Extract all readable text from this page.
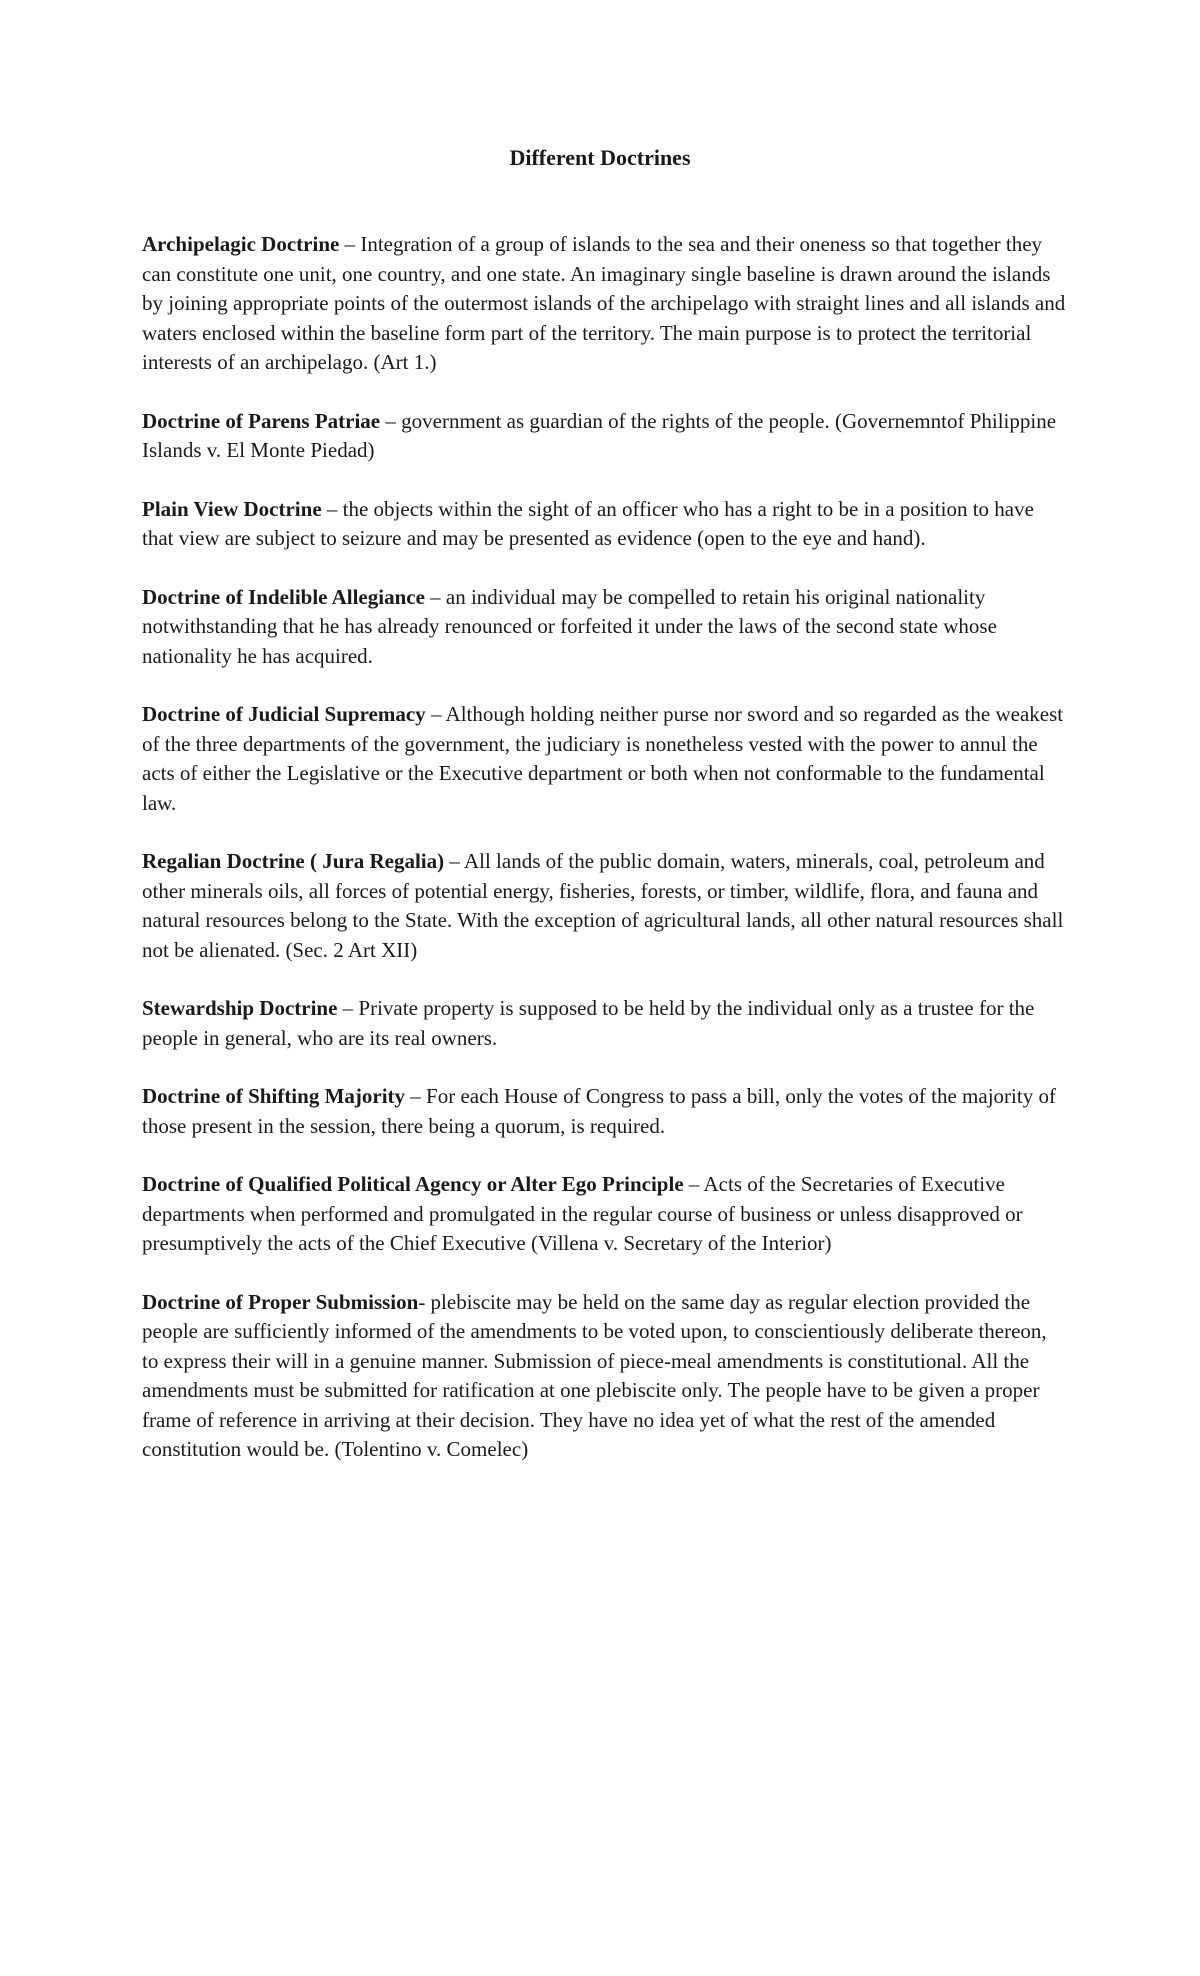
Different Doctrines

Archipelagic Doctrine – Integration of a group of islands to the sea and their oneness so that together they can constitute one unit, one country, and one state. An imaginary single baseline is drawn around the islands by joining appropriate points of the outermost islands of the archipelago with straight lines and all islands and waters enclosed within the baseline form part of the territory. The main purpose is to protect the territorial interests of an archipelago. (Art 1.)

Doctrine of Parens Patriae – government as guardian of the rights of the people. (Governemntof Philippine Islands v. El Monte Piedad)

Plain View Doctrine – the objects within the sight of an officer who has a right to be in a position to have that view are subject to seizure and may be presented as evidence (open to the eye and hand).

Doctrine of Indelible Allegiance – an individual may be compelled to retain his original nationality notwithstanding that he has already renounced or forfeited it under the laws of the second state whose nationality he has acquired.

Doctrine of Judicial Supremacy – Although holding neither purse nor sword and so regarded as the weakest of the three departments of the government, the judiciary is nonetheless vested with the power to annul the acts of either the Legislative or the Executive department or both when not conformable to the fundamental law.

Regalian Doctrine ( Jura Regalia) – All lands of the public domain, waters, minerals, coal, petroleum and other minerals oils, all forces of potential energy, fisheries, forests, or timber, wildlife, flora, and fauna and natural resources belong to the State. With the exception of agricultural lands, all other natural resources shall not be alienated. (Sec. 2 Art XII)

Stewardship Doctrine – Private property is supposed to be held by the individual only as a trustee for the people in general, who are its real owners.

Doctrine of Shifting Majority – For each House of Congress to pass a bill, only the votes of the majority of those present in the session, there being a quorum, is required.

Doctrine of Qualified Political Agency or Alter Ego Principle – Acts of the Secretaries of Executive departments when performed and promulgated in the regular course of business or unless disapproved or presumptively the acts of the Chief Executive (Villena v. Secretary of the Interior)

Doctrine of Proper Submission- plebiscite may be held on the same day as regular election provided the people are sufficiently informed of the amendments to be voted upon, to conscientiously deliberate thereon, to express their will in a genuine manner. Submission of piece-meal amendments is constitutional. All the amendments must be submitted for ratification at one plebiscite only. The people have to be given a proper frame of reference in arriving at their decision. They have no idea yet of what the rest of the amended constitution would be. (Tolentino v. Comelec)
